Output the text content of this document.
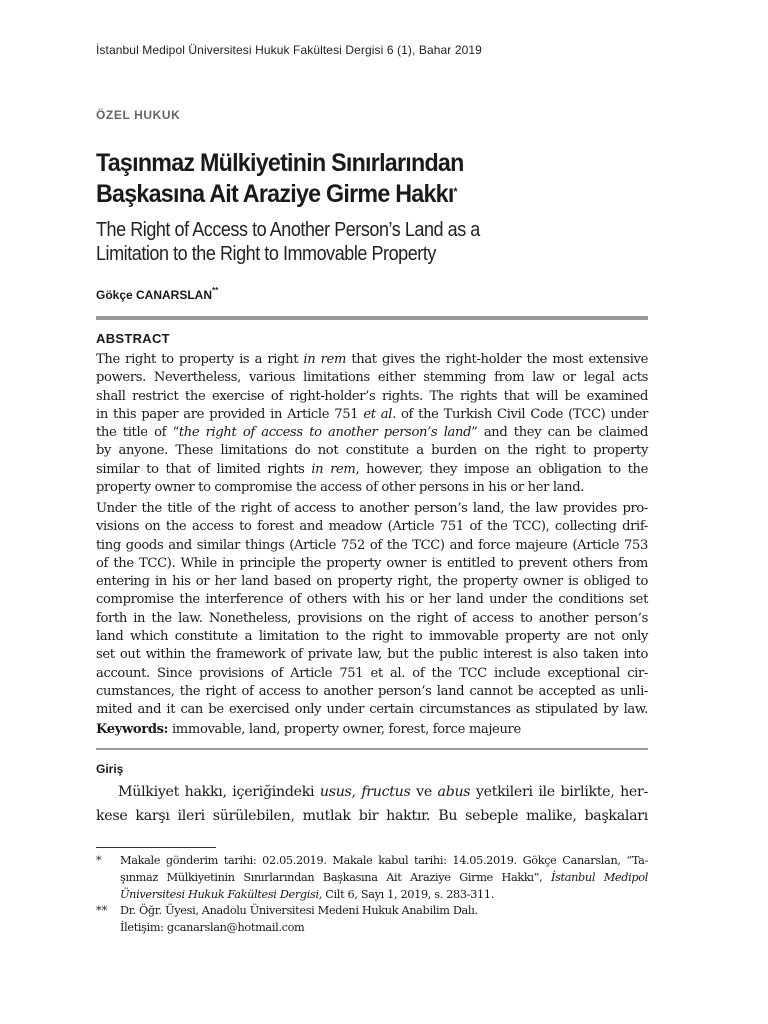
İstanbul Medipol Üniversitesi Hukuk Fakültesi Dergisi 6 (1), Bahar 2019
ÖZEL HUKUK
Taşınmaz Mülkiyetinin Sınırlarından
Başkasına Ait Araziye Girme Hakkı*
The Right of Access to Another Person’s Land as a
Limitation to the Right to Immovable Property
Gökçe CANARSLAN**
ABSTRACT
The right to property is a right in rem that gives the right-holder the most extensive
powers. Nevertheless, various limitations either stemming from law or legal acts
shall restrict the exercise of right-holder’s rights. The rights that will be examined
in this paper are provided in Article 751 et al. of the Turkish Civil Code (TCC) under
the title of “the right of access to another person’s land” and they can be claimed
by anyone. These limitations do not constitute a burden on the right to property
similar to that of limited rights in rem, however, they impose an obligation to the
property owner to compromise the access of other persons in his or her land.
Under the title of the right of access to another person’s land, the law provides pro-
visions on the access to forest and meadow (Article 751 of the TCC), collecting drif-
ting goods and similar things (Article 752 of the TCC) and force majeure (Article 753
of the TCC). While in principle the property owner is entitled to prevent others from
entering in his or her land based on property right, the property owner is obliged to
compromise the interference of others with his or her land under the conditions set
forth in the law. Nonetheless, provisions on the right of access to another person’s
land which constitute a limitation to the right to immovable property are not only
set out within the framework of private law, but the public interest is also taken into
account. Since provisions of Article 751 et al. of the TCC include exceptional cir-
cumstances, the right of access to another person’s land cannot be accepted as unli-
mited and it can be exercised only under certain circumstances as stipulated by law.
Keywords: immovable, land, property owner, forest, force majeure
Giriş
Mülkiyet hakkı, içeriğindeki usus, fructus ve abus yetkileri ile birlikte, her-
kese karşı ileri sürülebilen, mutlak bir haktır. Bu sebeple malike, başkaları
* Makale gönderim tarihi: 02.05.2019. Makale kabul tarihi: 14.05.2019. Gökçe Canarslan, “Ta-
şınmaz Mülkiyetinin Sınırlarından Başkasına Ait Araziye Girme Hakkı”, İstanbul Medipol
Üniversitesi Hukuk Fakültesi Dergisi, Cilt 6, Sayı 1, 2019, s. 283-311.
** Dr. Öğr. Üyesi, Anadolu Üniversitesi Medeni Hukuk Anabilim Dalı.
İletişim: gcanarslan@hotmail.com
